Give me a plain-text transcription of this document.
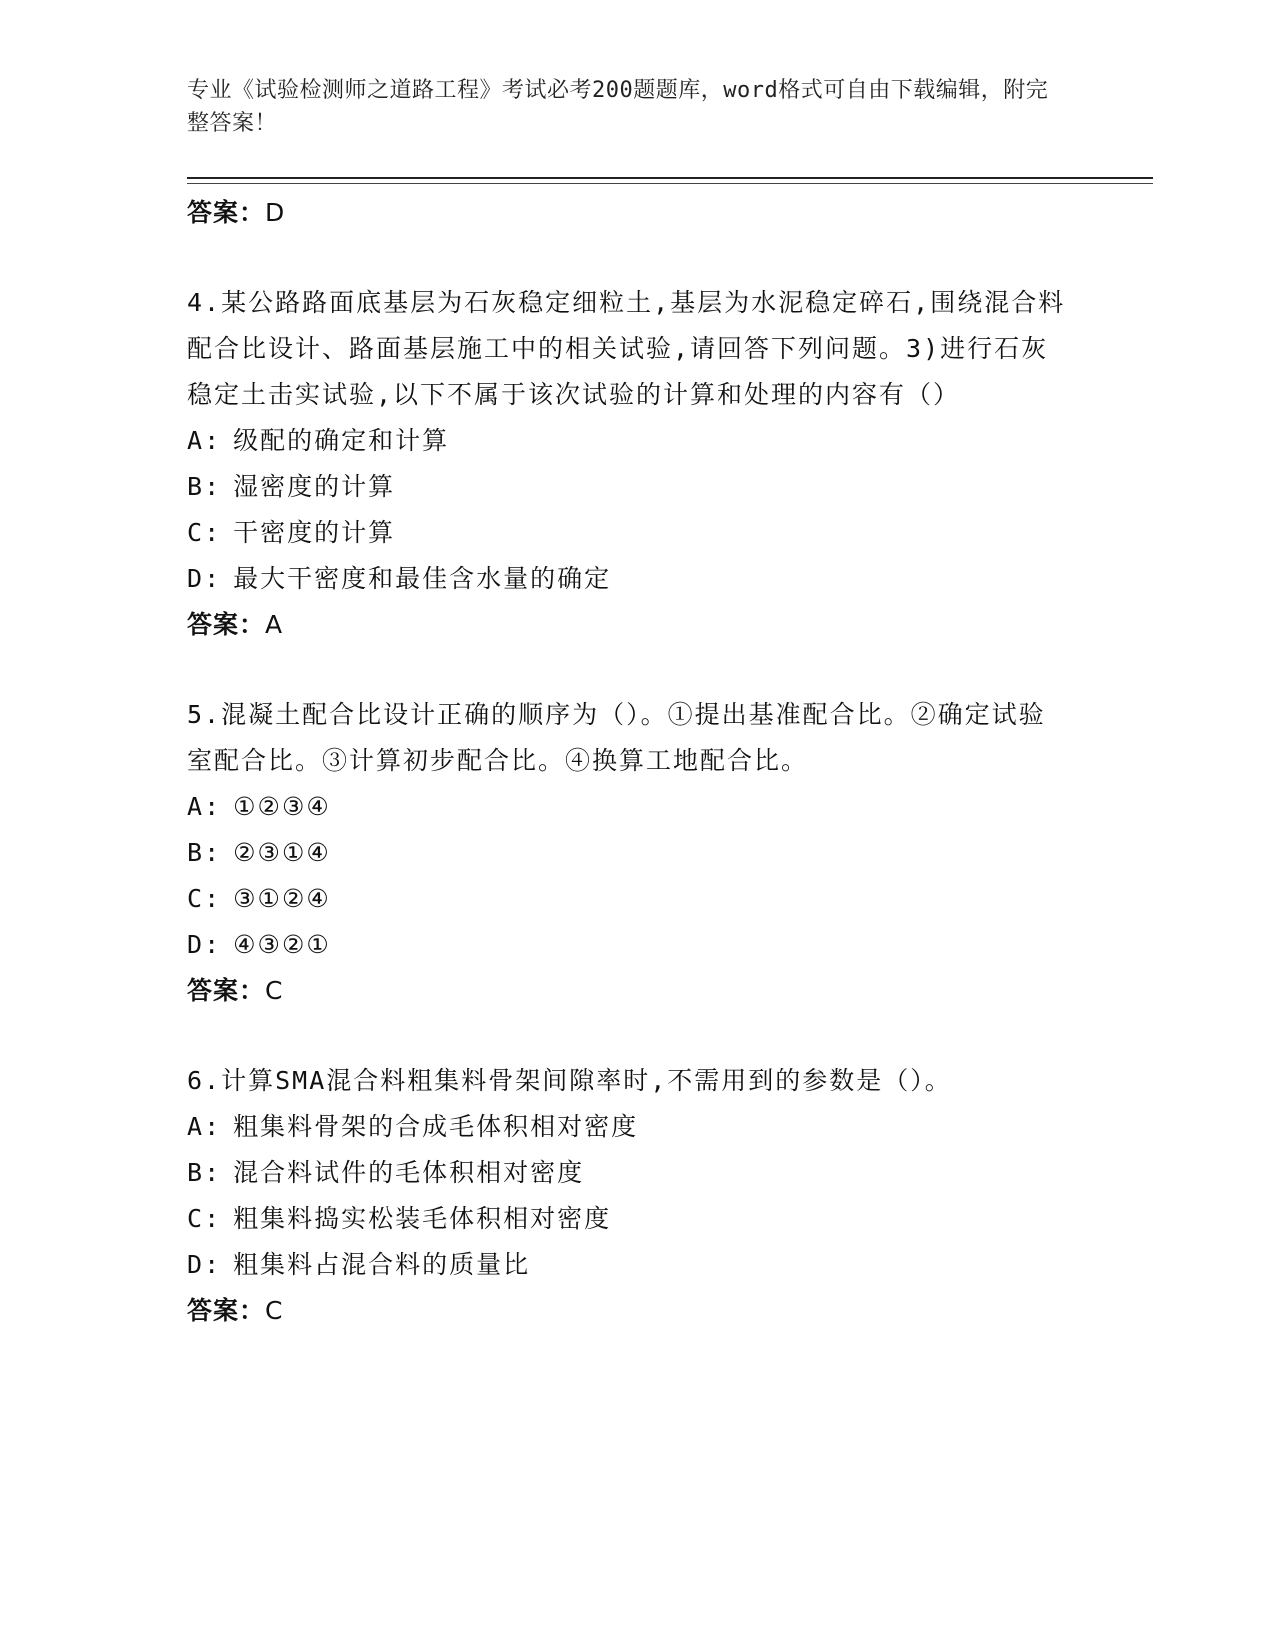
专业《试验检测师之道路工程》考试必考200题题库，word格式可自由下载编辑，附完整答案！
答案：D
4.某公路路面底基层为石灰稳定细粒土,基层为水泥稳定碎石,围绕混合料配合比设计、路面基层施工中的相关试验,请回答下列问题。3)进行石灰稳定土击实试验,以下不属于该次试验的计算和处理的内容有（）
A: 级配的确定和计算
B: 湿密度的计算
C: 干密度的计算
D: 最大干密度和最佳含水量的确定
答案：A
5.混凝土配合比设计正确的顺序为（）。①提出基准配合比。②确定试验室配合比。③计算初步配合比。④换算工地配合比。
A: ①②③④
B: ②③①④
C: ③①②④
D: ④③②①
答案：C
6.计算SMA混合料粗集料骨架间隙率时,不需用到的参数是（）。
A: 粗集料骨架的合成毛体积相对密度
B: 混合料试件的毛体积相对密度
C: 粗集料捣实松装毛体积相对密度
D: 粗集料占混合料的质量比
答案：C
